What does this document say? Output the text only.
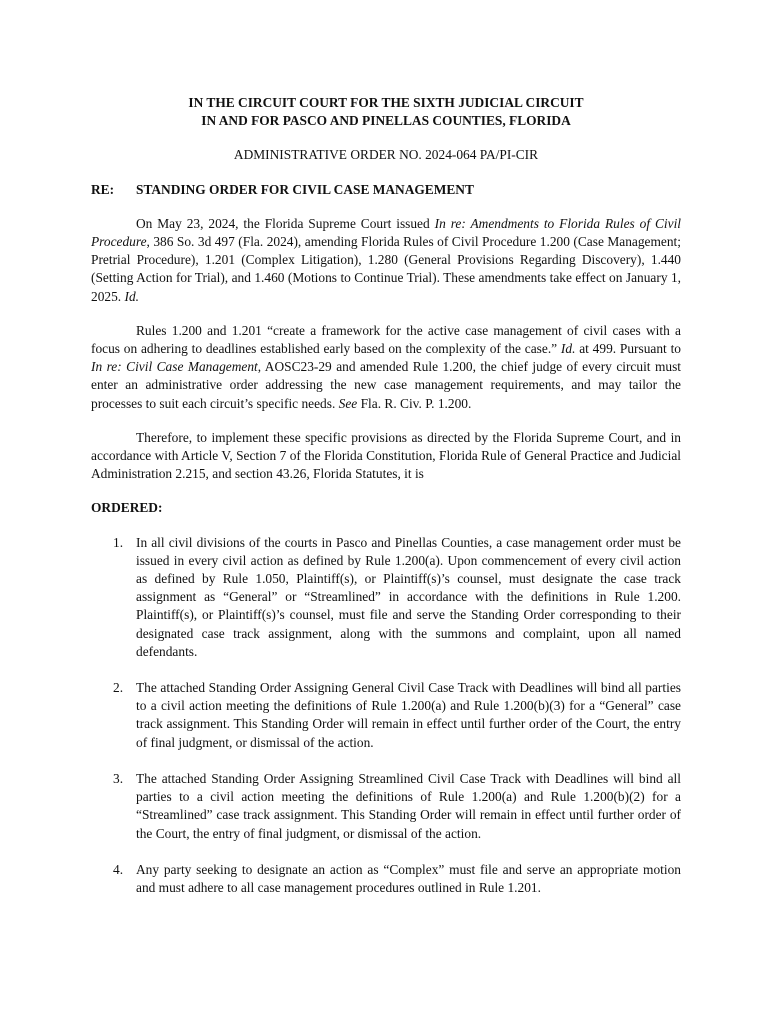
IN THE CIRCUIT COURT FOR THE SIXTH JUDICIAL CIRCUIT
IN AND FOR PASCO AND PINELLAS COUNTIES, FLORIDA
ADMINISTRATIVE ORDER NO. 2024-064 PA/PI-CIR
RE:	STANDING ORDER FOR CIVIL CASE MANAGEMENT

On May 23, 2024, the Florida Supreme Court issued In re: Amendments to Florida Rules of Civil Procedure, 386 So. 3d 497 (Fla. 2024), amending Florida Rules of Civil Procedure 1.200 (Case Management; Pretrial Procedure), 1.201 (Complex Litigation), 1.280 (General Provisions Regarding Discovery), 1.440 (Setting Action for Trial), and 1.460 (Motions to Continue Trial). These amendments take effect on January 1, 2025. Id.

Rules 1.200 and 1.201 “create a framework for the active case management of civil cases with a focus on adhering to deadlines established early based on the complexity of the case.” Id. at 499. Pursuant to In re: Civil Case Management, AOSC23-29 and amended Rule 1.200, the chief judge of every circuit must enter an administrative order addressing the new case management requirements, and may tailor the processes to suit each circuit’s specific needs. See Fla. R. Civ. P. 1.200.

Therefore, to implement these specific provisions as directed by the Florida Supreme Court, and in accordance with Article V, Section 7 of the Florida Constitution, Florida Rule of General Practice and Judicial Administration 2.215, and section 43.26, Florida Statutes, it is

ORDERED:
1. In all civil divisions of the courts in Pasco and Pinellas Counties, a case management order must be issued in every civil action as defined by Rule 1.200(a). Upon commencement of every civil action as defined by Rule 1.050, Plaintiff(s), or Plaintiff(s)’s counsel, must designate the case track assignment as “General” or “Streamlined” in accordance with the definitions in Rule 1.200. Plaintiff(s), or Plaintiff(s)’s counsel, must file and serve the Standing Order corresponding to their designated case track assignment, along with the summons and complaint, upon all named defendants.
2. The attached Standing Order Assigning General Civil Case Track with Deadlines will bind all parties to a civil action meeting the definitions of Rule 1.200(a) and Rule 1.200(b)(3) for a “General” case track assignment. This Standing Order will remain in effect until further order of the Court, the entry of final judgment, or dismissal of the action.
3. The attached Standing Order Assigning Streamlined Civil Case Track with Deadlines will bind all parties to a civil action meeting the definitions of Rule 1.200(a) and Rule 1.200(b)(2) for a “Streamlined” case track assignment. This Standing Order will remain in effect until further order of the Court, the entry of final judgment, or dismissal of the action.
4. Any party seeking to designate an action as “Complex” must file and serve an appropriate motion and must adhere to all case management procedures outlined in Rule 1.201.
